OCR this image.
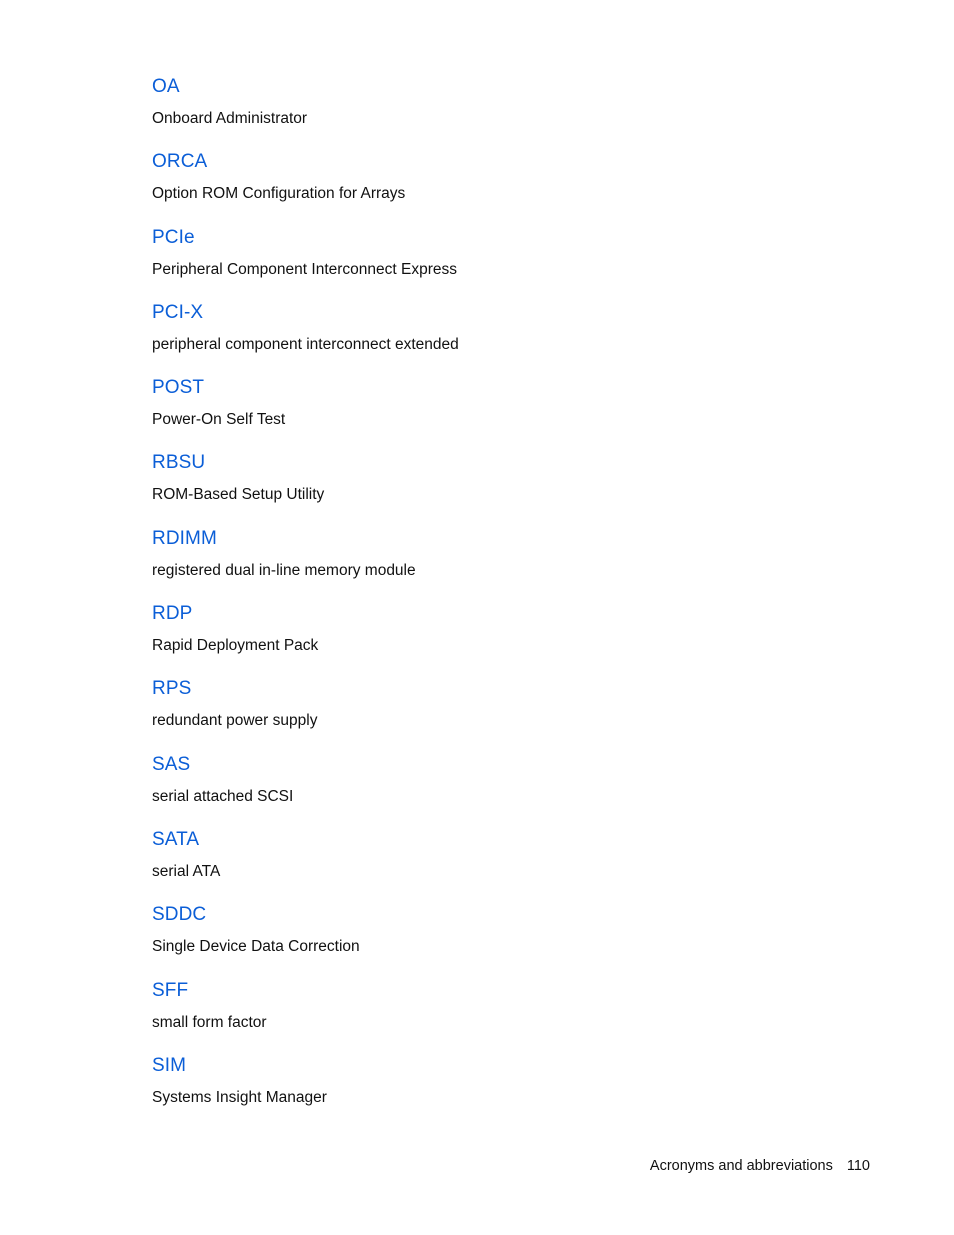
OA
Onboard Administrator
ORCA
Option ROM Configuration for Arrays
PCIe
Peripheral Component Interconnect Express
PCI-X
peripheral component interconnect extended
POST
Power-On Self Test
RBSU
ROM-Based Setup Utility
RDIMM
registered dual in-line memory module
RDP
Rapid Deployment Pack
RPS
redundant power supply
SAS
serial attached SCSI
SATA
serial ATA
SDDC
Single Device Data Correction
SFF
small form factor
SIM
Systems Insight Manager
Acronyms and abbreviations 110
